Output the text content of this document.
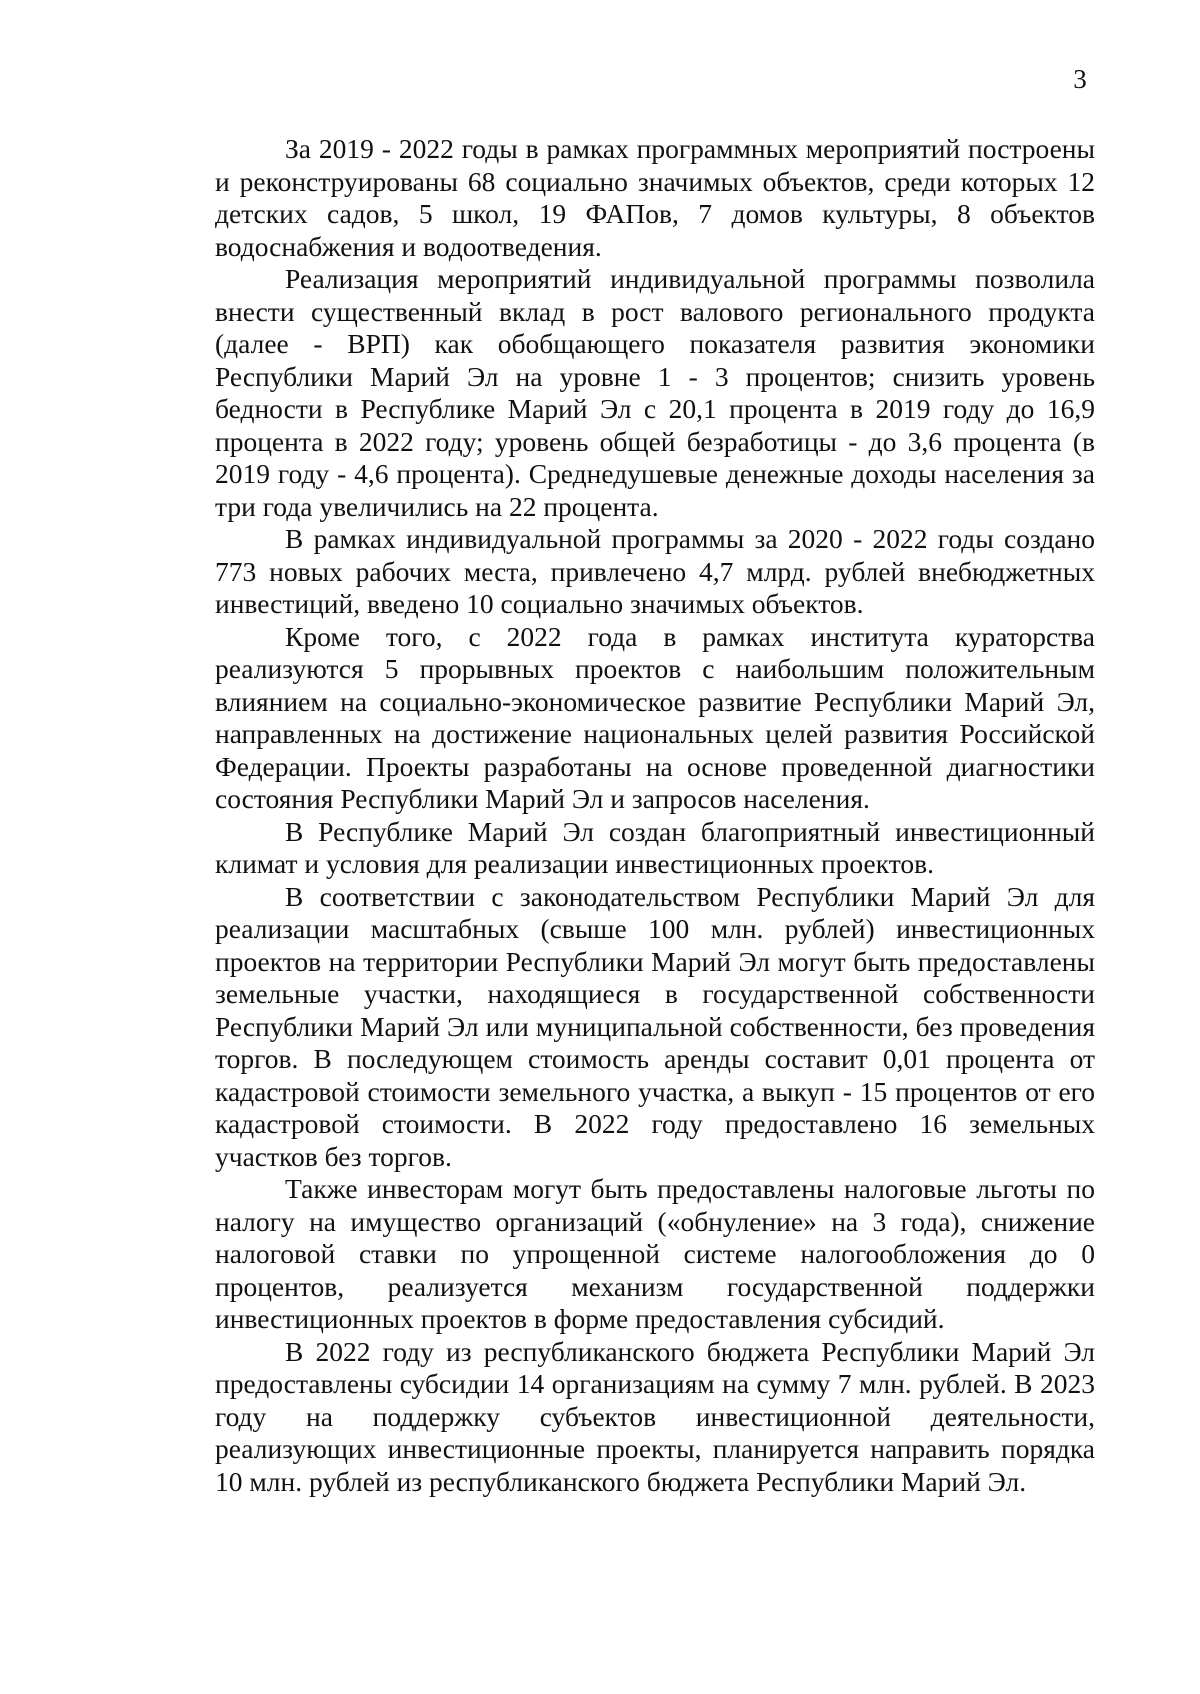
3

За 2019 - 2022 годы в рамках программных мероприятий построены и реконструированы 68 социально значимых объектов, среди которых 12 детских садов, 5 школ, 19 ФАПов, 7 домов культуры, 8 объектов водоснабжения и водоотведения.

Реализация мероприятий индивидуальной программы позволила внести существенный вклад в рост валового регионального продукта (далее - ВРП) как обобщающего показателя развития экономики Республики Марий Эл на уровне 1 - 3 процентов; снизить уровень бедности в Республике Марий Эл с 20,1 процента в 2019 году до 16,9 процента в 2022 году; уровень общей безработицы - до 3,6 процента (в 2019 году - 4,6 процента). Среднедушевые денежные доходы населения за три года увеличились на 22 процента.

В рамках индивидуальной программы за 2020 - 2022 годы создано 773 новых рабочих места, привлечено 4,7 млрд. рублей внебюджетных инвестиций, введено 10 социально значимых объектов.

Кроме того, с 2022 года в рамках института кураторства реализуются 5 прорывных проектов с наибольшим положительным влиянием на социально-экономическое развитие Республики Марий Эл, направленных на достижение национальных целей развития Российской Федерации. Проекты разработаны на основе проведенной диагностики состояния Республики Марий Эл и запросов населения.

В Республике Марий Эл создан благоприятный инвестиционный климат и условия для реализации инвестиционных проектов.

В соответствии с законодательством Республики Марий Эл для реализации масштабных (свыше 100 млн. рублей) инвестиционных проектов на территории Республики Марий Эл могут быть предоставлены земельные участки, находящиеся в государственной собственности Республики Марий Эл или муниципальной собственности, без проведения торгов. В последующем стоимость аренды составит 0,01 процента от кадастровой стоимости земельного участка, а выкуп - 15 процентов от его кадастровой стоимости. В 2022 году предоставлено 16 земельных участков без торгов.

Также инвесторам могут быть предоставлены налоговые льготы по налогу на имущество организаций («обнуление» на 3 года), снижение налоговой ставки по упрощенной системе налогообложения до 0 процентов, реализуется механизм государственной поддержки инвестиционных проектов в форме предоставления субсидий.

В 2022 году из республиканского бюджета Республики Марий Эл предоставлены субсидии 14 организациям на сумму 7 млн. рублей. В 2023 году на поддержку субъектов инвестиционной деятельности, реализующих инвестиционные проекты, планируется направить порядка 10 млн. рублей из республиканского бюджета Республики Марий Эл.
